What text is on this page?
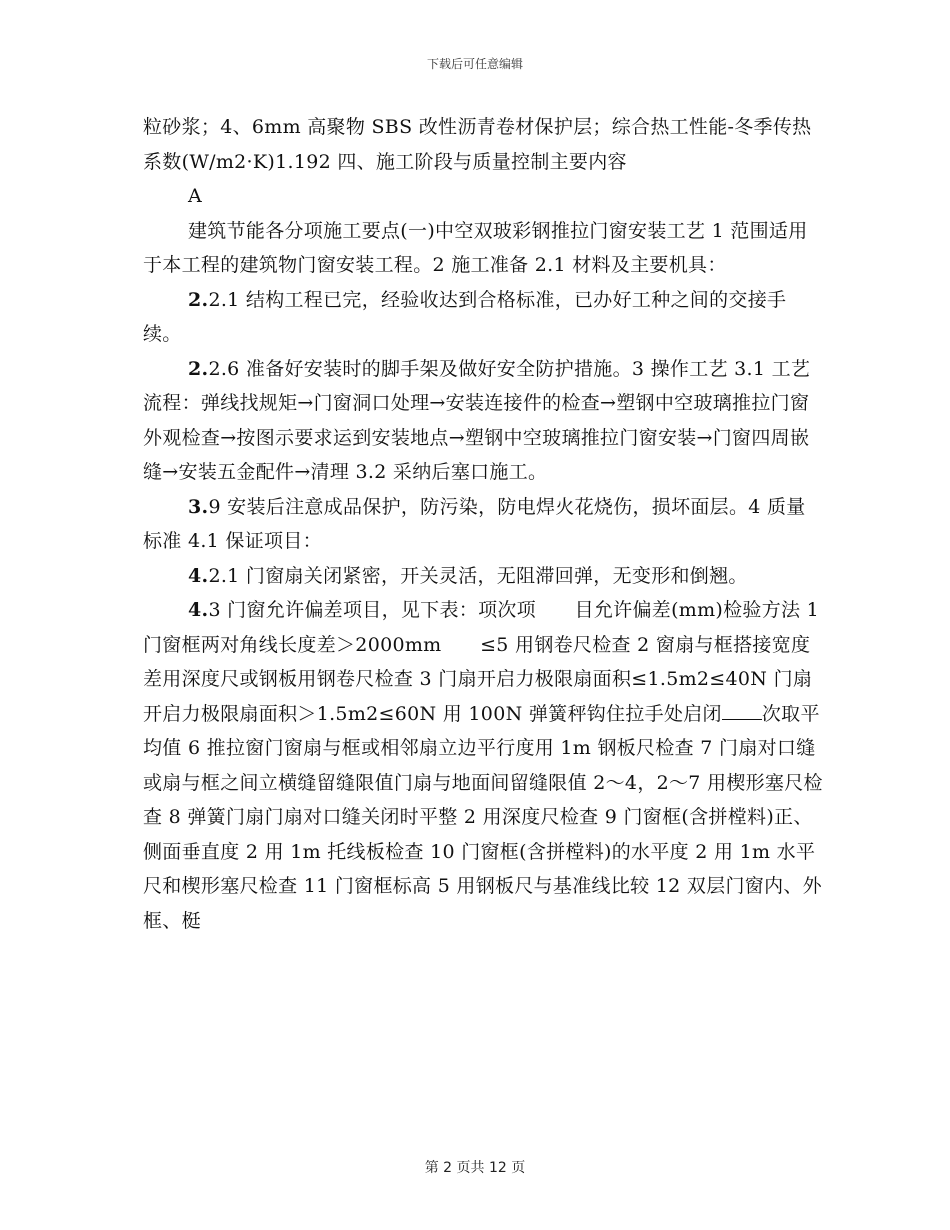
下载后可任意编辑

粒砂浆；4、6mm 高聚物 SBS 改性沥青卷材保护层；综合热工性能-冬季传热系数(W/m2·K)1.192 四、施工阶段与质量控制主要内容

A

建筑节能各分项施工要点(一)中空双玻彩钢推拉门窗安装工艺 1 范围适用于本工程的建筑物门窗安装工程。2 施工准备 2.1 材料及主要机具：

2.2.1 结构工程已完，经验收达到合格标准，已办好工种之间的交接手续。

2.2.6 准备好安装时的脚手架及做好安全防护措施。3 操作工艺 3.1 工艺流程：弹线找规矩→门窗洞口处理→安装连接件的检查→塑钢中空玻璃推拉门窗外观检查→按图示要求运到安装地点→塑钢中空玻璃推拉门窗安装→门窗四周嵌缝→安装五金配件→清理 3.2 采纳后塞口施工。

3.9 安装后注意成品保护，防污染，防电焊火花烧伤，损坏面层。4 质量标准 4.1 保证项目：

4.2.1 门窗扇关闭紧密，开关灵活，无阻滞回弹，无变形和倒翘。

4.3 门窗允许偏差项目，见下表：项次项　　目允许偏差(mm)检验方法 1 门窗框两对角线长度差＞2000mm　　≤5 用钢卷尺检查 2 窗扇与框搭接宽度差用深度尺或钢板用钢卷尺检查 3 门扇开启力极限扇面积≤1.5m2≤40N 门扇开启力极限扇面积＞1.5m2≤60N 用 100N 弹簧秤钩住拉手处启闭 次取平均值 6 推拉窗门窗扇与框或相邻扇立边平行度用 1m 钢板尺检查 7 门扇对口缝或扇与框之间立横缝留缝限值门扇与地面间留缝限值 2～4，2～7 用楔形塞尺检查 8 弹簧门扇门扇对口缝关闭时平整 2 用深度尺检查 9 门窗框(含拼樘料)正、侧面垂直度 2 用 1m 托线板检查 10 门窗框(含拼樘料)的水平度 2 用 1m 水平尺和楔形塞尺检查 11 门窗框标高 5 用钢板尺与基准线比较 12 双层门窗内、外框、梃

第 2 页共 12 页
